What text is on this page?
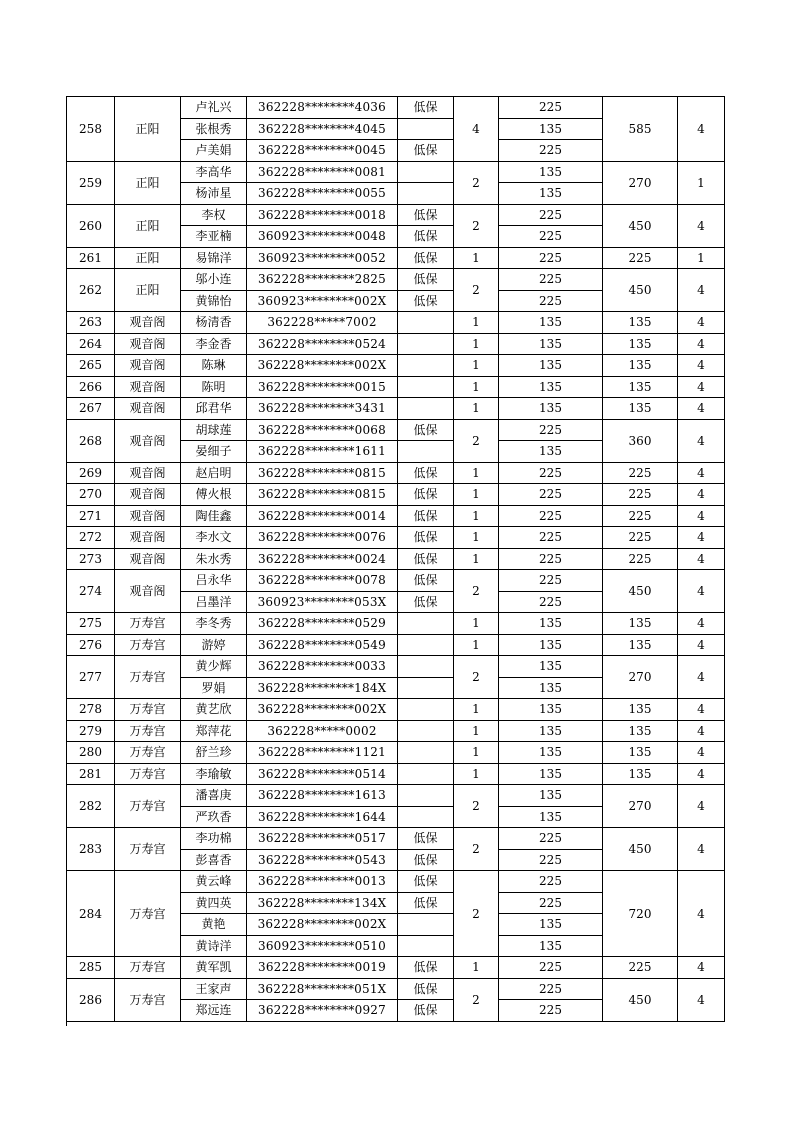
258	正阳	卢礼兴	362228********4036	低保	4	225	585	4
		张根秀	362228********4045			135		
		卢美娟	362228********0045	低保		225		
259	正阳	李高华	362228********0081		2	135	270	1
		杨沛星	362228********0055			135		
260	正阳	李权	362228********0018	低保	2	225	450	4
		李亚楠	360923********0048	低保		225		
261	正阳	易锦洋	360923********0052	低保	1	225	225	1
262	正阳	邬小连	362228********2825	低保	2	225	450	4
		黄锦怡	360923********002X	低保		225		
263	观音阁	杨清香	362228*****7002		1	135	135	4
264	观音阁	李金香	362228********0524		1	135	135	4
265	观音阁	陈琳	362228********002X		1	135	135	4
266	观音阁	陈明	362228********0015		1	135	135	4
267	观音阁	邱君华	362228********3431		1	135	135	4
268	观音阁	胡球莲	362228********0068	低保	2	225	360	4
		晏细子	362228********1611			135		
269	观音阁	赵启明	362228********0815	低保	1	225	225	4
270	观音阁	傅火根	362228********0815	低保	1	225	225	4
271	观音阁	陶佳鑫	362228********0014	低保	1	225	225	4
272	观音阁	李水文	362228********0076	低保	1	225	225	4
273	观音阁	朱水秀	362228********0024	低保	1	225	225	4
274	观音阁	吕永华	362228********0078	低保	2	225	450	4
		吕墨洋	360923********053X	低保		225		
275	万寿宫	李冬秀	362228********0529		1	135	135	4
276	万寿宫	游婷	362228********0549		1	135	135	4
277	万寿宫	黄少辉	362228********0033		2	135	270	4
		罗娟	362228********184X			135		
278	万寿宫	黄艺欣	362228********002X		1	135	135	4
279	万寿宫	郑萍花	362228*****0002		1	135	135	4
280	万寿宫	舒兰珍	362228********1121		1	135	135	4
281	万寿宫	李瑜敏	362228********0514		1	135	135	4
282	万寿宫	潘喜庚	362228********1613		2	135	270	4
		严玖香	362228********1644			135		
283	万寿宫	李功棉	362228********0517	低保	2	225	450	4
		彭喜香	362228********0543	低保		225		
284	万寿宫	黄云峰	362228********0013	低保	2	225	720	4
		黄四英	362228********134X	低保		225		
		黄艳	362228********002X			135		
		黄诗洋	360923********0510			135		
285	万寿宫	黄军凯	362228********0019	低保	1	225	225	4
286	万寿宫	王家声	362228********051X	低保	2	225	450	4
		郑远连	362228********0927	低保		225		
